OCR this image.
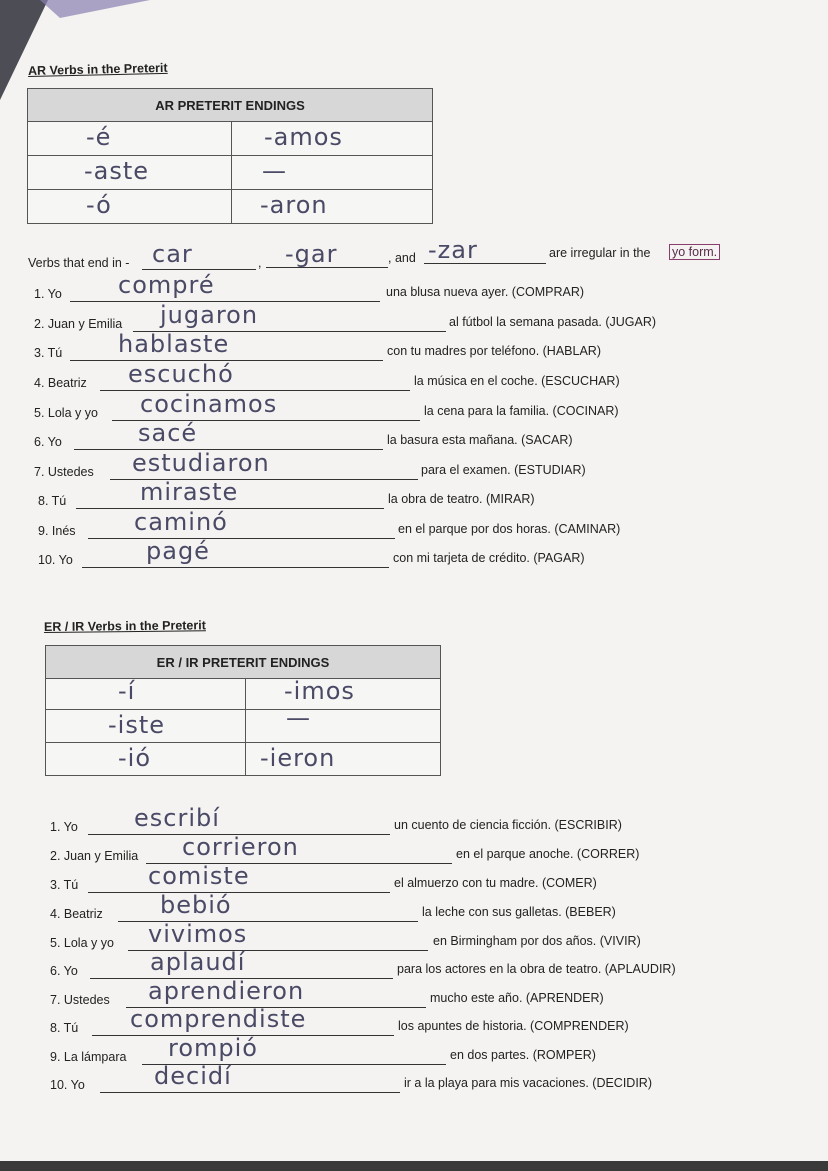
AR Verbs in the Preterit
AR PRETERIT ENDINGS	

-é	-amos

-aste	—

-ó	-aron
Verbs that end in - car	, -gar	, and -zar	are irregular in the yo form.
1. Yo compré	una blusa nueva ayer. (COMPRAR)
2. Juan y Emilia jugaron	al fútbol la semana pasada. (JUGAR)
3. Tú hablaste	con tu madres por teléfono. (HABLAR)
4. Beatriz escuchó	la música en el coche. (ESCUCHAR)
5. Lola y yo cocinamos	la cena para la familia. (COCINAR)
6. Yo	sacé	la basura esta mañana. (SACAR)
7. Ustedes estudiaron	para el examen. (ESTUDIAR)
8. Tú	miraste	la obra de teatro. (MIRAR)
9. Inés caminó	en el parque por dos horas. (CAMINAR)
10. Yo	pagé	con mi tarjeta de crédito. (PAGAR)
ER / IR Verbs in the Preterit
ER / IR PRETERIT ENDINGS	

-í	-imos

-iste	—

-ió	-ieron
1. Yo escribí	un cuento de ciencia ficción. (ESCRIBIR)
2. Juan y Emilia corrieron	en el parque anoche. (CORRER)
3. Tú	comiste	el almuerzo con tu madre. (COMER)
4. Beatriz bebió	la leche con sus galletas. (BEBER)
5. Lola y yo vivimos	en Birmingham por dos años. (VIVIR)
6. Yo	aplaudí	para los actores en la obra de teatro. (APLAUDIR)
7. Ustedes aprendieron	mucho este año. (APRENDER)
8. Tú comprendiste	los apuntes de historia. (COMPRENDER)
9. La lámpara rompió	en dos partes. (ROMPER)
10. Yo	decidí	ir a la playa para mis vacaciones. (DECIDIR)
